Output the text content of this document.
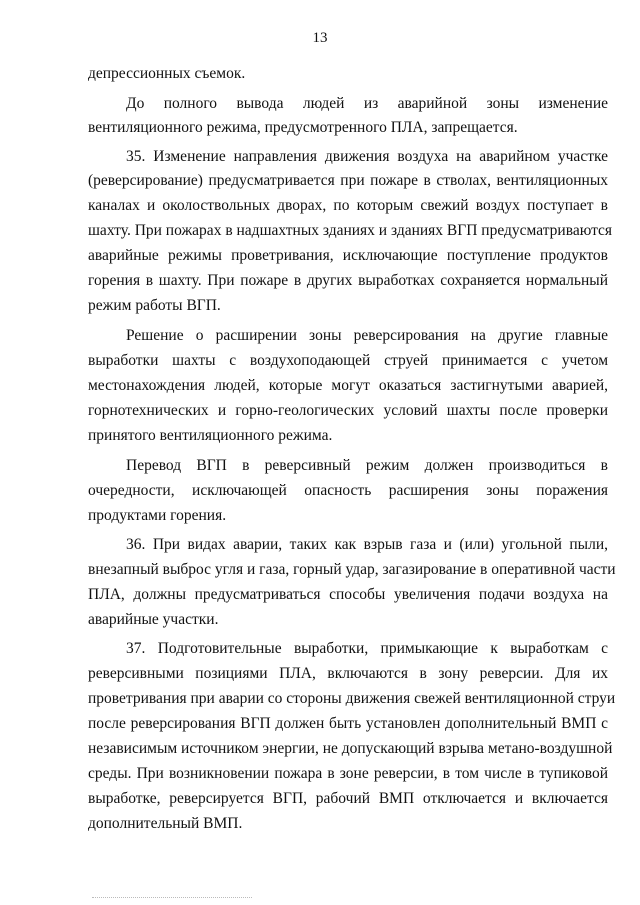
13
депрессионных съемок.
До полного вывода людей из аварийной зоны изменение
вентиляционного режима, предусмотренного ПЛА, запрещается.
35. Изменение направления движения воздуха на аварийном участке
(реверсирование) предусматривается при пожаре в стволах, вентиляционных
каналах и околоствольных дворах, по которым свежий воздух поступает в
шахту. При пожарах в надшахтных зданиях и зданиях ВГП предусматриваются
аварийные режимы проветривания, исключающие поступление продуктов
горения в шахту. При пожаре в других выработках сохраняется нормальный
режим работы ВГП.
Решение о расширении зоны реверсирования на другие главные
выработки шахты с воздухоподающей струей принимается с учетом
местонахождения людей, которые могут оказаться застигнутыми аварией,
горнотехнических и горно-геологических условий шахты после проверки
принятого вентиляционного режима.
Перевод ВГП в реверсивный режим должен производиться в
очередности, исключающей опасность расширения зоны поражения
продуктами горения.
36. При видах аварии, таких как взрыв газа и (или) угольной пыли,
внезапный выброс угля и газа, горный удар, загазирование в оперативной части
ПЛА, должны предусматриваться способы увеличения подачи воздуха на
аварийные участки.
37. Подготовительные выработки, примыкающие к выработкам с
реверсивными позициями ПЛА, включаются в зону реверсии. Для их
проветривания при аварии со стороны движения свежей вентиляционной струи
после реверсирования ВГП должен быть установлен дополнительный ВМП с
независимым источником энергии, не допускающий взрыва метано-воздушной
среды. При возникновении пожара в зоне реверсии, в том числе в тупиковой
выработке, реверсируется ВГП, рабочий ВМП отключается и включается
дополнительный ВМП.
